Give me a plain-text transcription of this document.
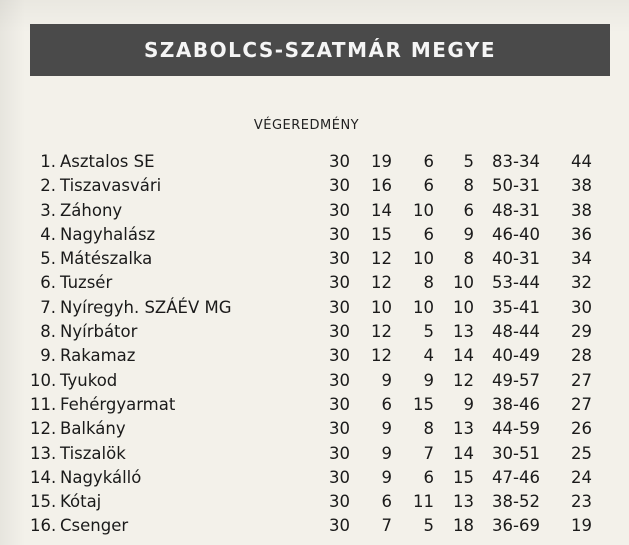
SZABOLCS-SZATMÁR MEGYE
VÉGEREDMÉNY
1. Asztalos SE	30	19	6	5 83-34	44
2. Tiszavasvári	30	16	6	8 50-31	38
3. Záhony	30	14	10	6 48-31	38
4. Nagyhalász	30	15	6	9 46-40	36
5. Mátészalka	30	12	10	8 40-31	34
6. Tuzsér	30	12	8	10 53-44	32
7. Nyíregyh. SZÁÉV MG	30	10	10	10 35-41	30
8. Nyírbátor	30	12	5	13 48-44	29
9. Rakamaz	30	12	4	14 40-49	28
10. Tyukod	30	9	9	12 49-57	27
11. Fehérgyarmat	30	6	15	9 38-46	27
12. Balkány	30	9	8	13 44-59	26
13. Tiszalök	30	9	7	14 30-51	25
14. Nagykálló	30	9	6	15 47-46	24
15. Kótaj	30	6	11	13 38-52	23
16. Csenger	30	7	5	18 36-69	19
